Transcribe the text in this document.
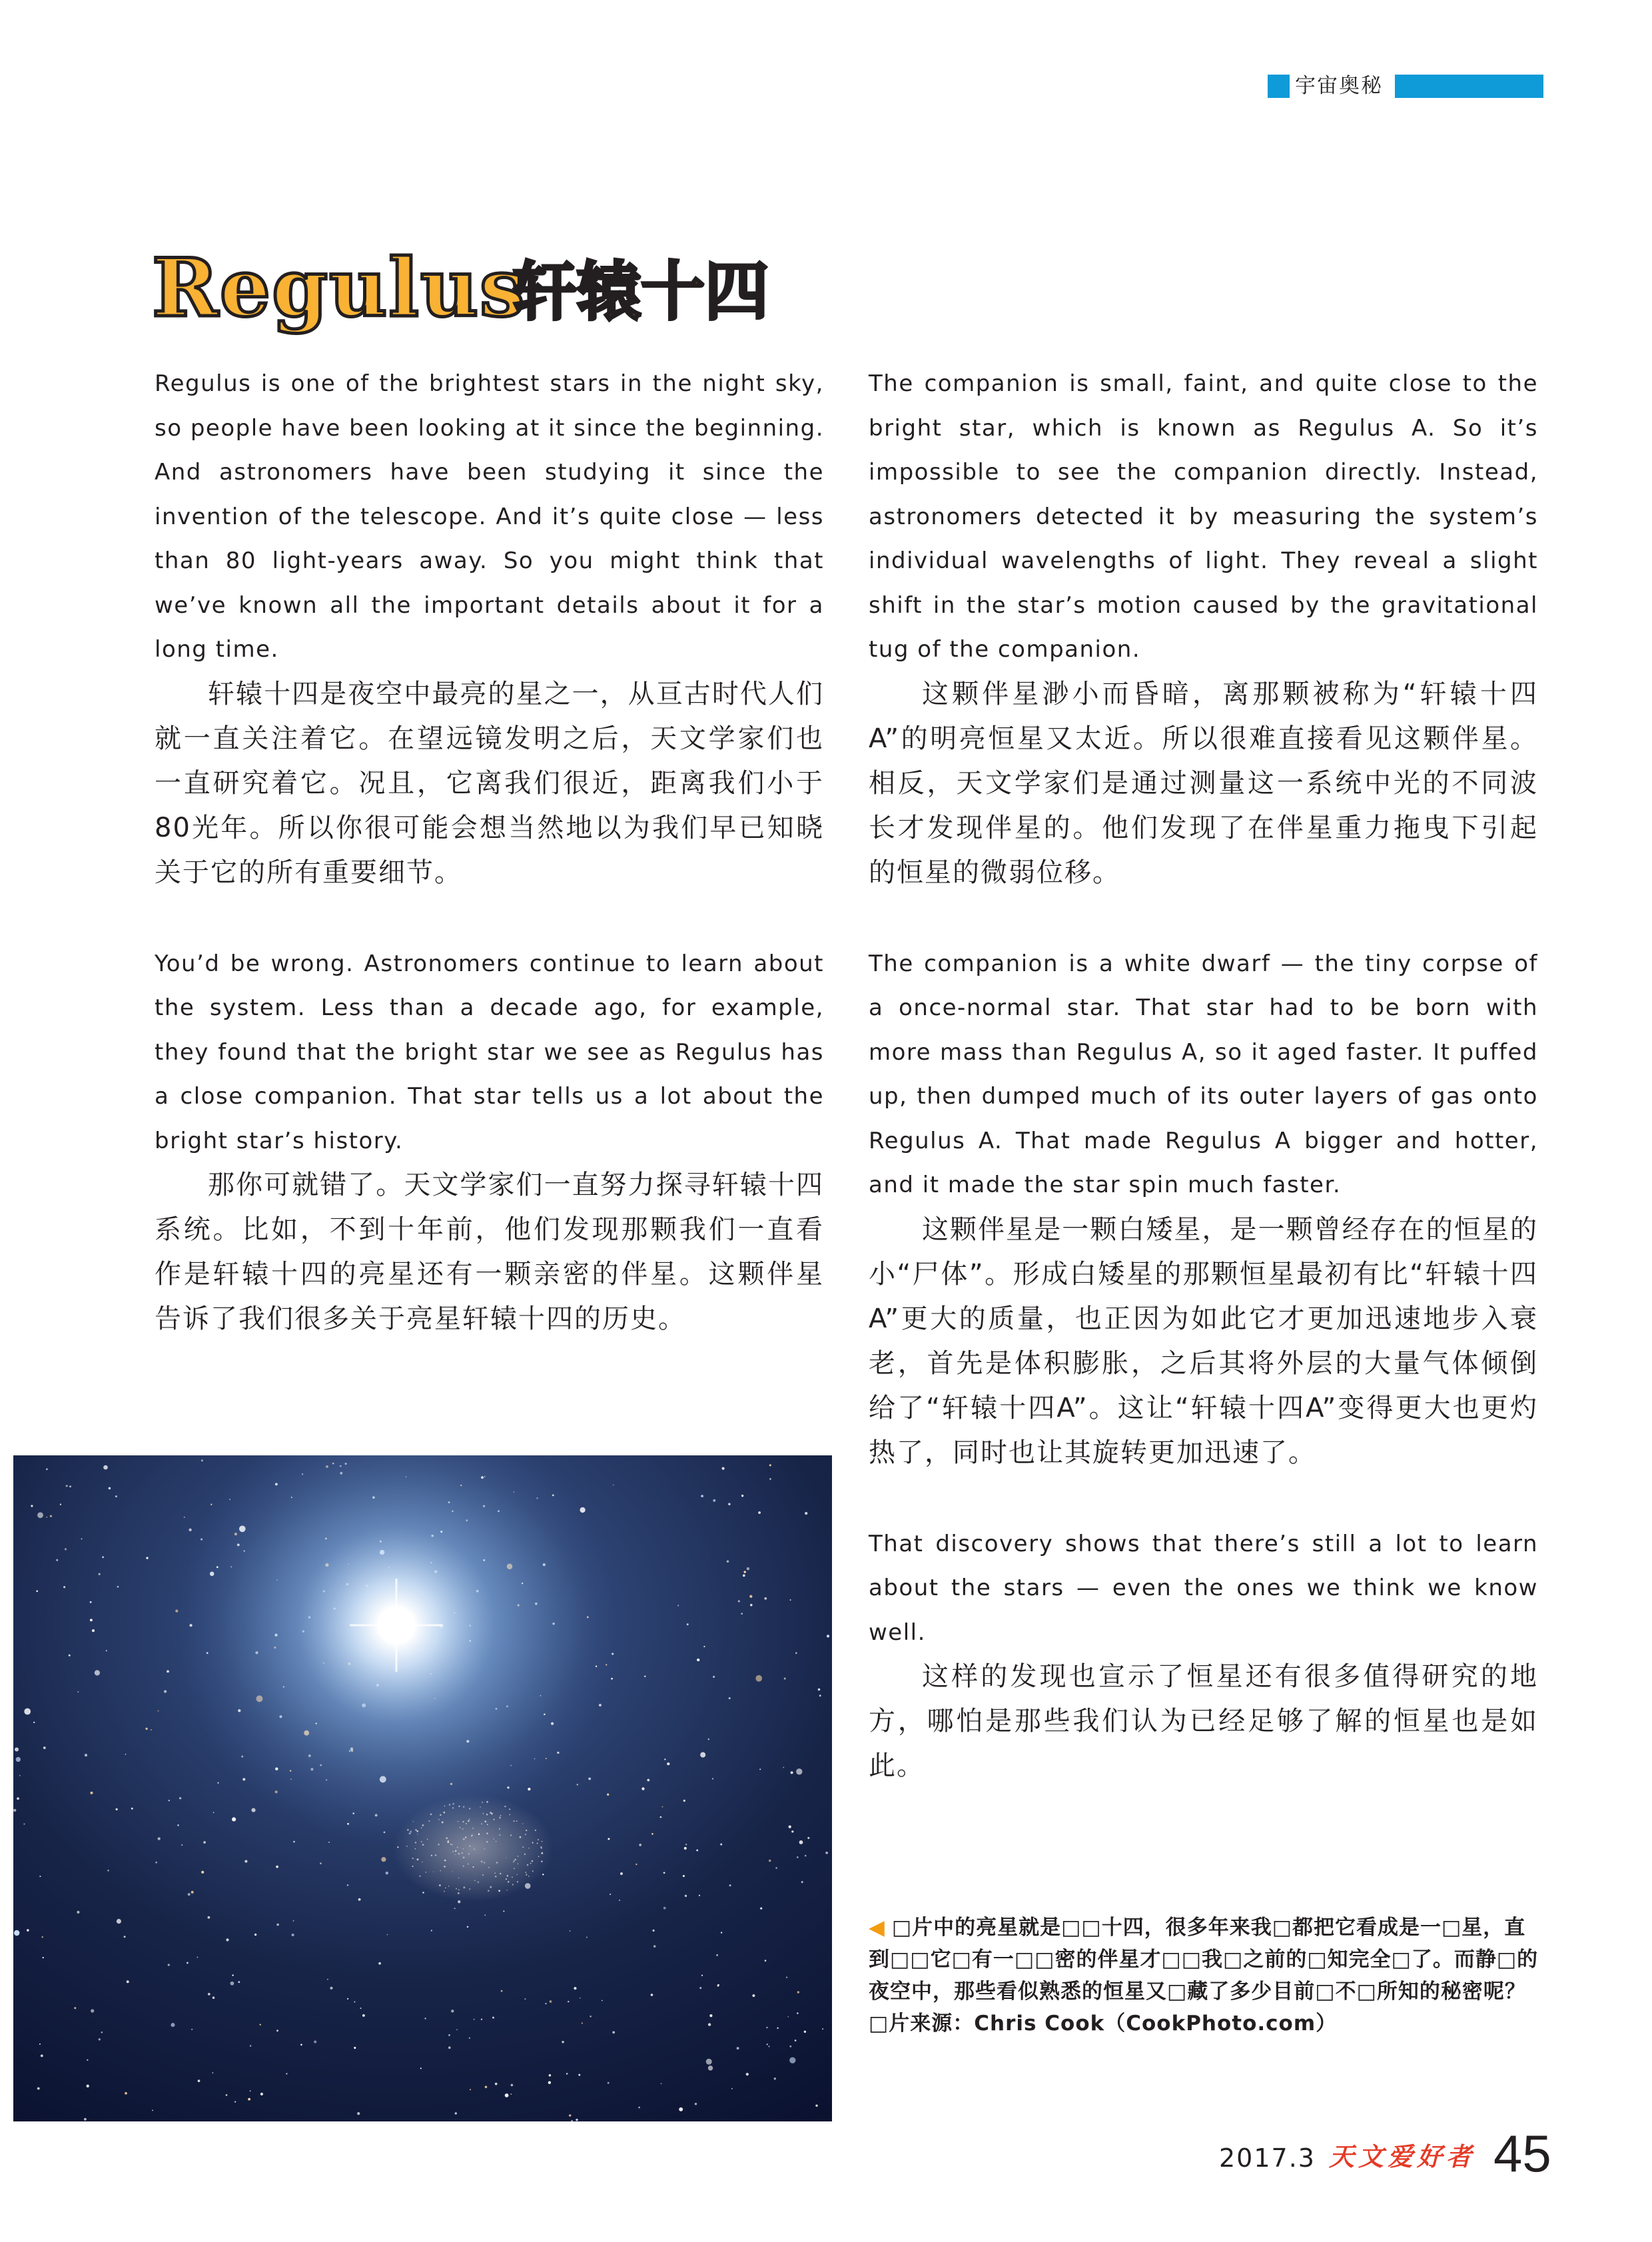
宇宙奥秘
Regulus
轩辕十四

Regulus is one of the brightest stars in the night sky, so people have been looking at it since the beginning. And astronomers have been studying it since the invention of the telescope. And it’s quite close — less than 80 light-years away. So you might think that we’ve known all the important details about it for a long time.

轩辕十四是夜空中最亮的星之一，从亘古时代人们就一直关注着它。在望远镜发明之后，天文学家们也一直研究着它。况且，它离我们很近，距离我们小于80光年。所以你很可能会想当然地以为我们早已知晓关于它的所有重要细节。

You’d be wrong. Astronomers continue to learn about the system. Less than a decade ago, for example, they found that the bright star we see as Regulus has a close companion. That star tells us a lot about the bright star’s history.

那你可就错了。天文学家们一直努力探寻轩辕十四系统。比如，不到十年前，他们发现那颗我们一直看作是轩辕十四的亮星还有一颗亲密的伴星。这颗伴星告诉了我们很多关于亮星轩辕十四的历史。

The companion is small, faint, and quite close to the bright star, which is known as Regulus A. So it’s impossible to see the companion directly. Instead, astronomers detected it by measuring the system’s individual wavelengths of light. They reveal a slight shift in the star’s motion caused by the gravitational tug of the companion.

这颗伴星渺小而昏暗，离那颗被称为“轩辕十四A”的明亮恒星又太近。所以很难直接看见这颗伴星。相反，天文学家们是通过测量这一系统中光的不同波长才发现伴星的。他们发现了在伴星重力拖曳下引起的恒星的微弱位移。

The companion is a white dwarf — the tiny corpse of a once-normal star. That star had to be born with more mass than Regulus A, so it aged faster. It puffed up, then dumped much of its outer layers of gas onto Regulus A. That made Regulus A bigger and hotter, and it made the star spin much faster.

这颗伴星是一颗白矮星，是一颗曾经存在的恒星的小“尸体”。形成白矮星的那颗恒星最初有比“轩辕十四A”更大的质量，也正因为如此它才更加迅速地步入衰老，首先是体积膨胀，之后其将外层的大量气体倾倒给了“轩辕十四A”。这让“轩辕十四A”变得更大也更灼热了，同时也让其旋转更加迅速了。

That discovery shows that there’s still a lot to learn about the stars — even the ones we think we know well.

这样的发现也宣示了恒星还有很多值得研究的地方，哪怕是那些我们认为已经足够了解的恒星也是如此。

◀ □片中的亮星就是□□十四，很多年来我□都把它看成是一□星，直到□□它□有一□□密的伴星才□□我□之前的□知完全□了。而静□的夜空中，那些看似熟悉的恒星又□藏了多少目前□不□所知的秘密呢？□片来源：Chris Cook（CookPhoto.com）
2017.3 天文爱好者 45
